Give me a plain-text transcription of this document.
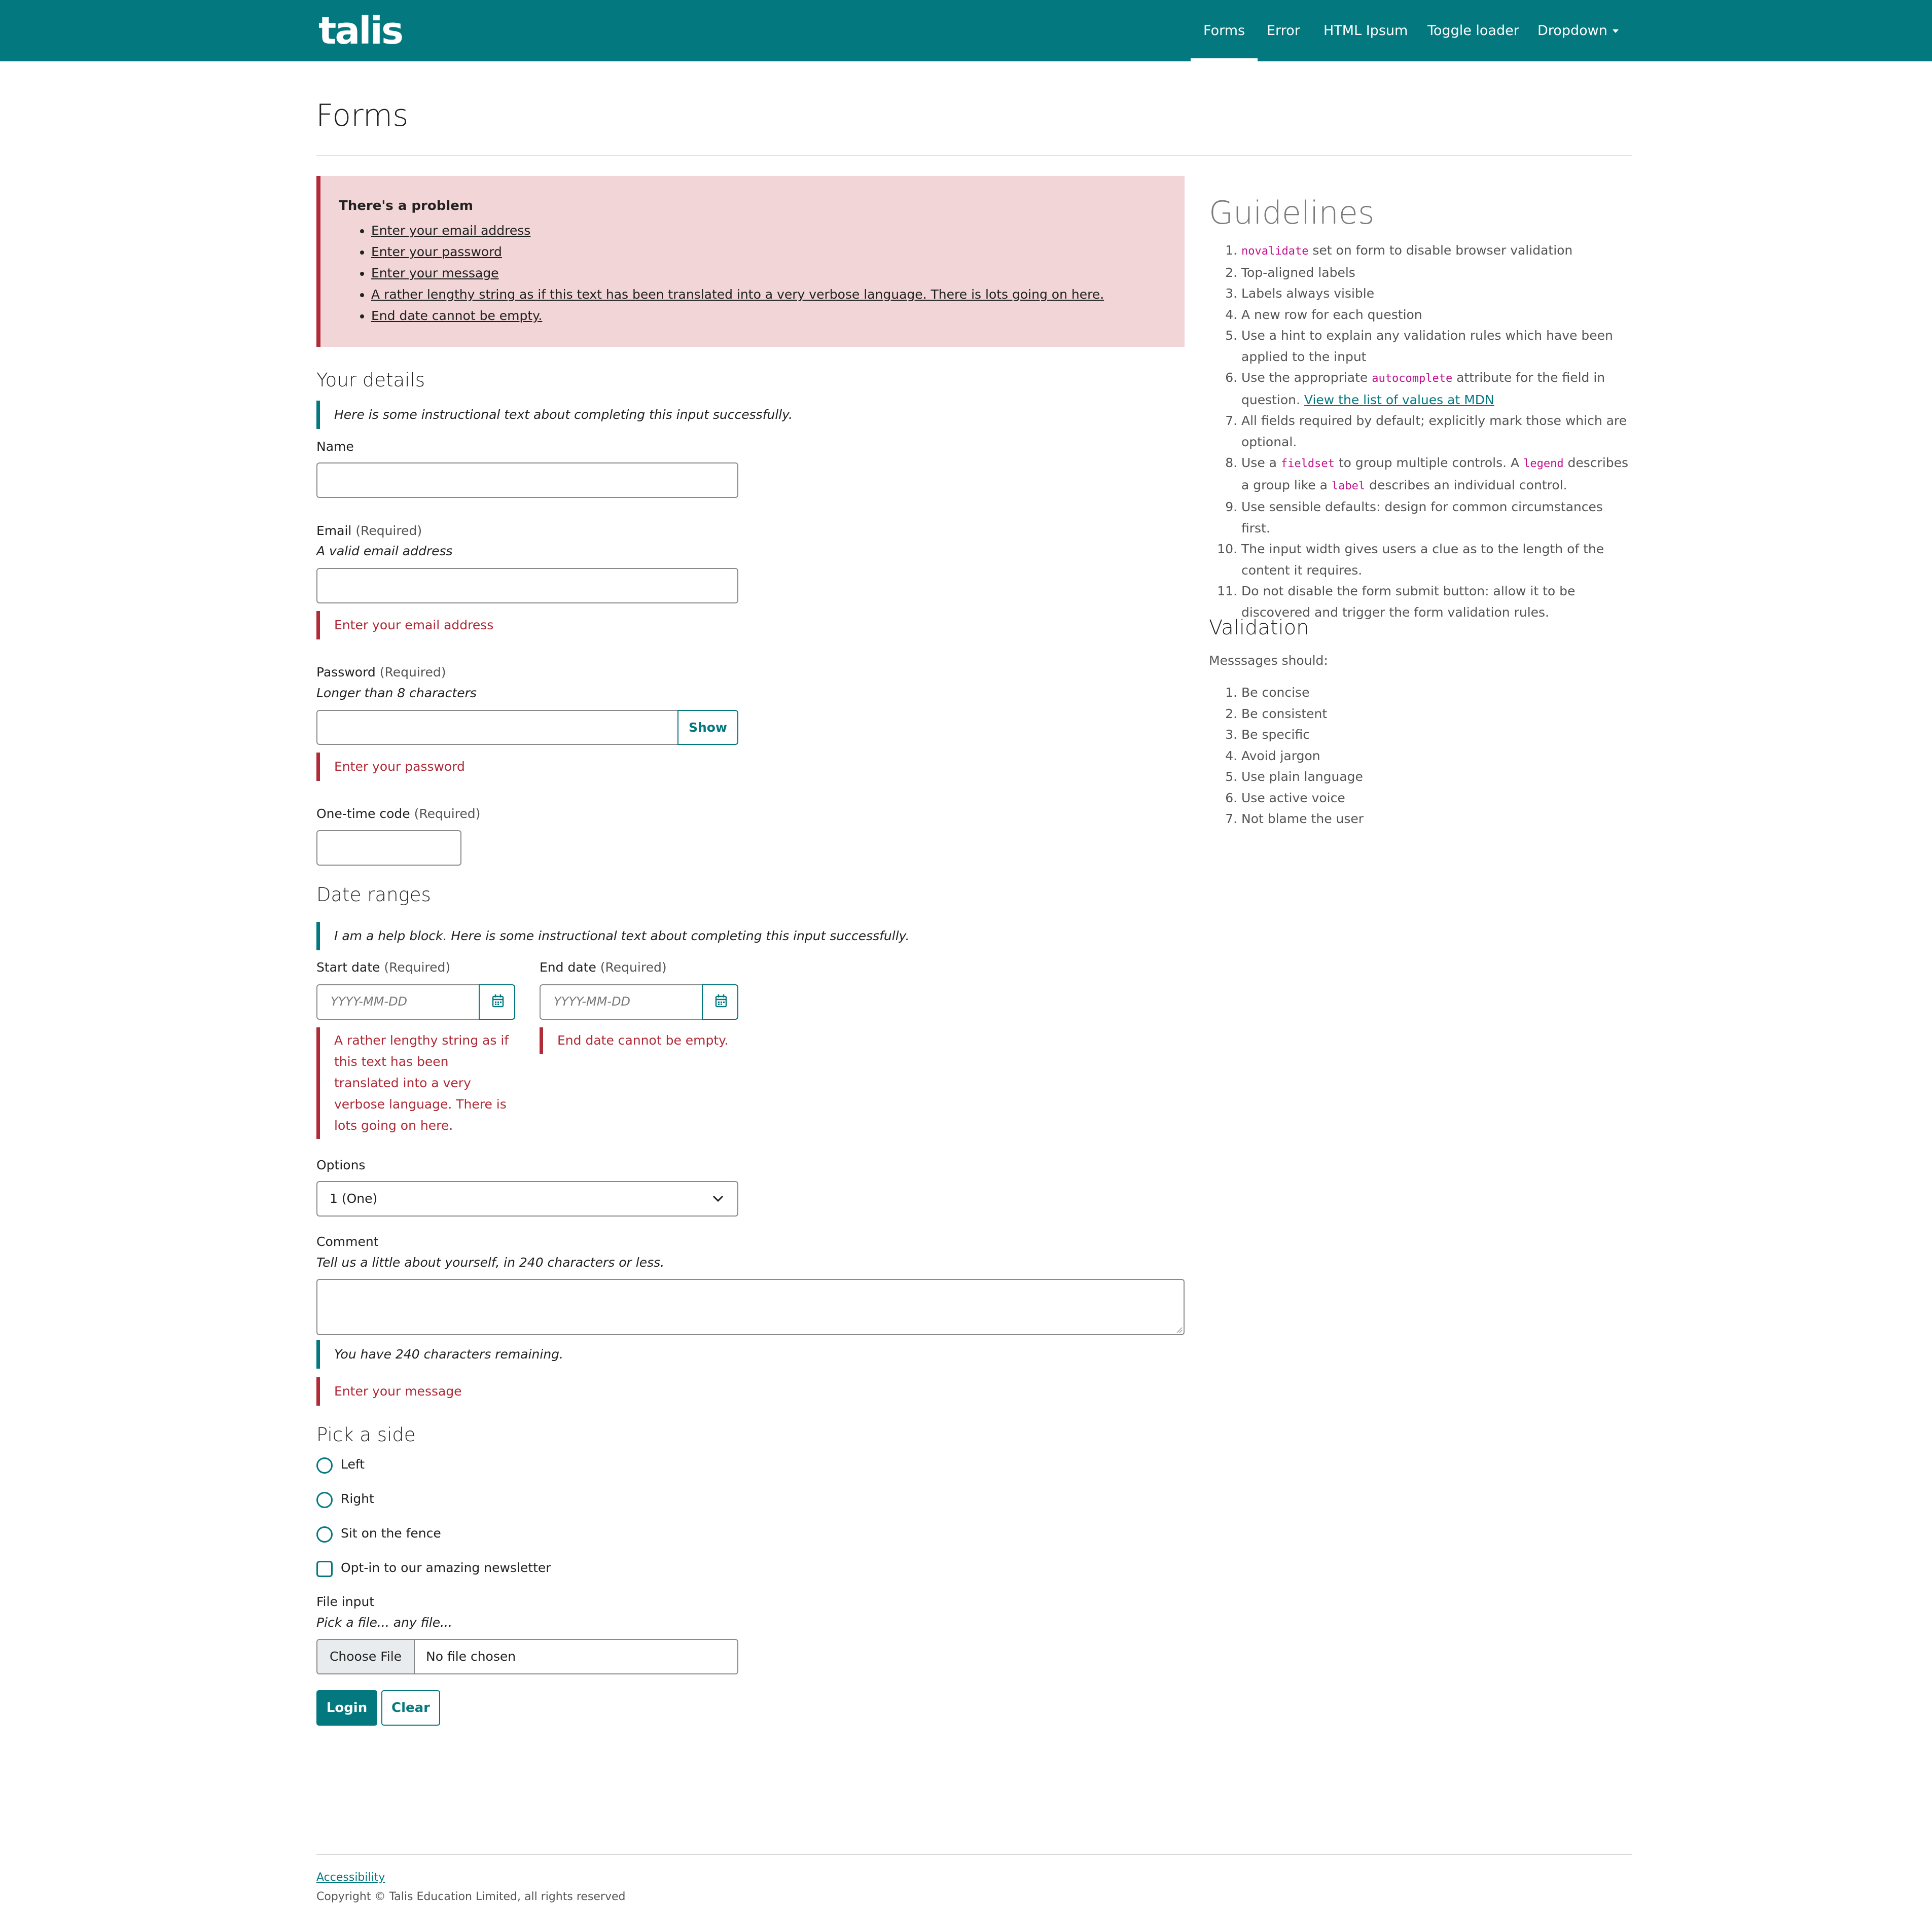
talis	Forms Error HTML Ipsum Toggle loader Dropdown
Forms
There's a problem
• Enter your email address
• Enter your password
• Enter your message
• A rather lengthy string as if this text has been translated into a very verbose language. There is lots going on here.
• End date cannot be empty.
Your details
Here is some instructional text about completing this input successfully.
Name
Email (Required)
A valid email address
Enter your email address
Password (Required)
Longer than 8 characters
Show
Enter your password
One-time code (Required)
Date ranges
I am a help block. Here is some instructional text about completing this input successfully.
Start date (Required)
YYYY-MM-DD
End date (Required)
YYYY-MM-DD
A rather lengthy string as if this text has been translated into a very verbose language. There is lots going on here.
End date cannot be empty.
Options
1 (One)
Comment
Tell us a little about yourself, in 240 characters or less.
You have 240 characters remaining.
Enter your message
Pick a side
Left
Right
Sit on the fence
Opt-in to our amazing newsletter
File input
Pick a file... any file...
Choose File	No file chosen
Login	Clear
Guidelines
1. novalidate set on form to disable browser validation
2. Top-aligned labels
3. Labels always visible
4. A new row for each question
5. Use a hint to explain any validation rules which have been applied to the input
6. Use the appropriate autocomplete attribute for the field in question. View the list of values at MDN
7. All fields required by default; explicitly mark those which are optional.
8. Use a fieldset to group multiple controls. A legend describes a group like a label describes an individual control.
9. Use sensible defaults: design for common circumstances first.
10. The input width gives users a clue as to the length of the content it requires.
11. Do not disable the form submit button: allow it to be discovered and trigger the form validation rules.
Validation
Messsages should:
1. Be concise
2. Be consistent
3. Be specific
4. Avoid jargon
5. Use plain language
6. Use active voice
7. Not blame the user
Accessibility
Copyright © Talis Education Limited, all rights reserved
